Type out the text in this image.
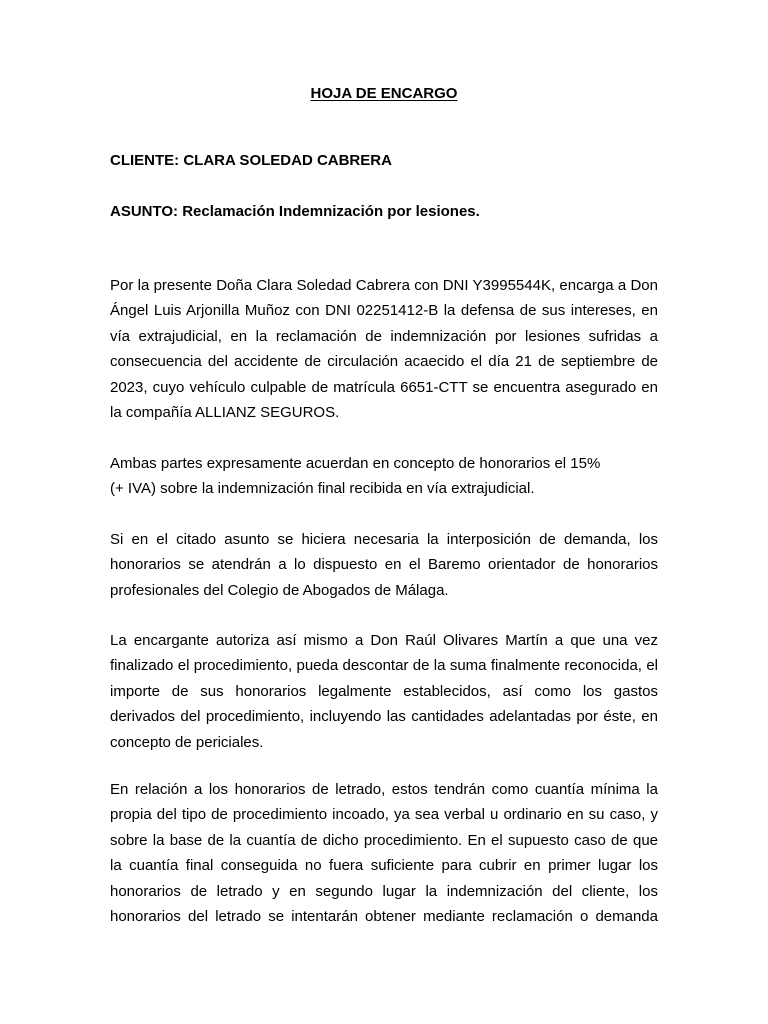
HOJA DE ENCARGO
CLIENTE: CLARA SOLEDAD CABRERA
ASUNTO: Reclamación Indemnización por lesiones.

Por la presente Doña Clara Soledad Cabrera con DNI Y3995544K, encarga a Don Ángel Luis Arjonilla Muñoz con DNI 02251412-B la defensa de sus intereses, en vía extrajudicial, en la reclamación de indemnización por lesiones sufridas a consecuencia del accidente de circulación acaecido el día 21 de septiembre de 2023, cuyo vehículo culpable de matrícula 6651-CTT se encuentra asegurado en la compañía ALLIANZ SEGUROS.

Ambas partes expresamente acuerdan en concepto de honorarios el 15%

(+ IVA) sobre la indemnización final recibida en vía extrajudicial.

Si en el citado asunto se hiciera necesaria la interposición de demanda, los honorarios se atendrán a lo dispuesto en el Baremo orientador de honorarios profesionales del Colegio de Abogados de Málaga.

La encargante autoriza así mismo a Don Raúl Olivares Martín a que una vez finalizado el procedimiento, pueda descontar de la suma finalmente reconocida, el importe de sus honorarios legalmente establecidos, así como los gastos derivados del procedimiento, incluyendo las cantidades adelantadas por éste, en concepto de periciales.

En relación a los honorarios de letrado, estos tendrán como cuantía mínima la propia del tipo de procedimiento incoado, ya sea verbal u ordinario en su caso, y sobre la base de la cuantía de dicho procedimiento. En el supuesto caso de que la cuantía final conseguida no fuera suficiente para cubrir en primer lugar los honorarios de letrado y en segundo lugar la indemnización del cliente, los honorarios del letrado se intentarán obtener mediante reclamación o demanda
